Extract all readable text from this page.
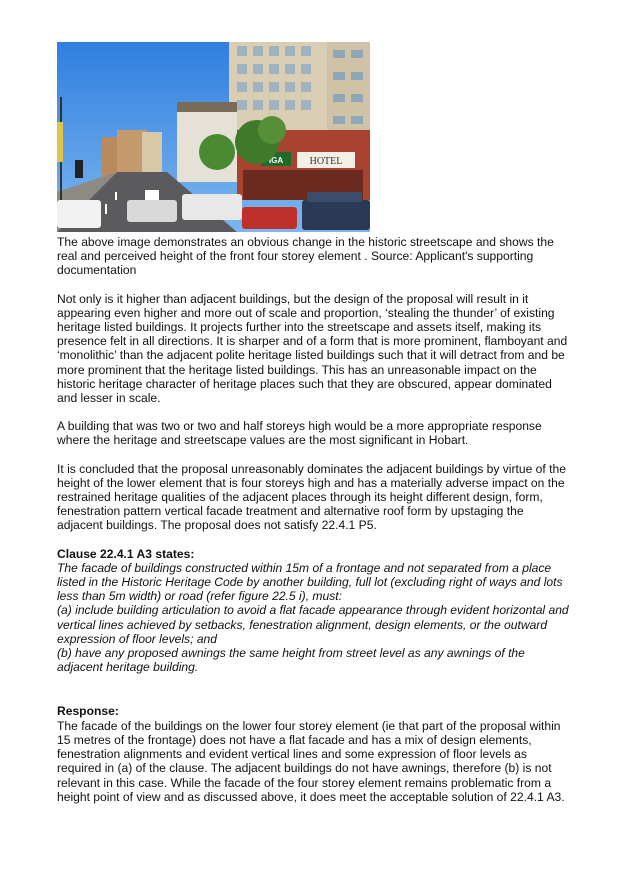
HOTEL
IGA

The above image demonstrates an obvious change in the historic streetscape and shows the real and perceived height of the front four storey element . Source: Applicant's supporting documentation

Not only is it higher than adjacent buildings, but the design of the proposal will result in it appearing even higher and more out of scale and proportion, ‘stealing the thunder’ of existing heritage listed buildings. It projects further into the streetscape and assets itself, making its presence felt in all directions. It is sharper and of a form that is more prominent, flamboyant and ‘monolithic’ than the adjacent polite heritage listed buildings such that it will detract from and be more prominent that the heritage listed buildings. This has an unreasonable impact on the historic heritage character of heritage places such that they are obscured, appear dominated and lesser in scale.

A building that was two or two and half storeys high would be a more appropriate response where the heritage and streetscape values are the most significant in Hobart.

It is concluded that the proposal unreasonably dominates the adjacent buildings by virtue of the height of the lower element that is four storeys high and has a materially adverse impact on the restrained heritage qualities of the adjacent places through its height different design, form, fenestration pattern vertical facade treatment and alternative roof form by upstaging the adjacent buildings. The proposal does not satisfy 22.4.1 P5.

Clause 22.4.1 A3 states:

The facade of buildings constructed within 15m of a frontage and not separated from a place listed in the Historic Heritage Code by another building, full lot (excluding right of ways and lots less than 5m width) or road (refer figure 22.5 i), must:

(a) include building articulation to avoid a flat facade appearance through evident horizontal and vertical lines achieved by setbacks, fenestration alignment, design elements, or the outward expression of floor levels; and

(b) have any proposed awnings the same height from street level as any awnings of the adjacent heritage building.

Response:

The facade of the buildings on the lower four storey element (ie that part of the proposal within 15 metres of the frontage) does not have a flat facade and has a mix of design elements, fenestration alignments and evident vertical lines and some expression of floor levels as required in (a) of the clause. The adjacent buildings do not have awnings, therefore (b) is not relevant in this case. While the facade of the four storey element remains problematic from a height point of view and as discussed above, it does meet the acceptable solution of 22.4.1 A3.
